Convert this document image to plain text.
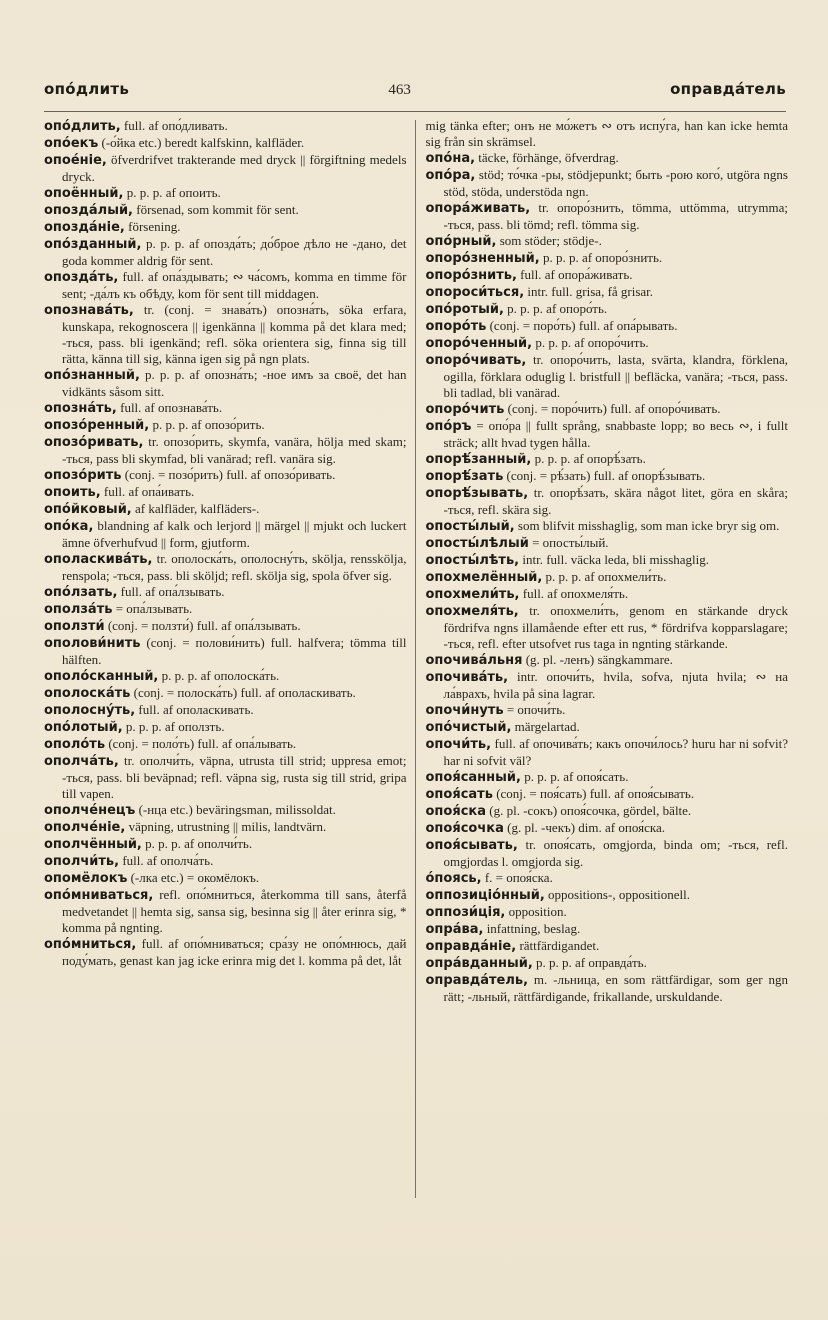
опо́длить	463	оправда́тель

опо́длить, full. af опо́дливать.

опо́екъ (-о́йка etc.) beredt kalfskinn, kalfläder.

опое́ніе, öfverdrifvet trakterande med dryck || förgiftning medels dryck.

опоённый, p. p. p. af опоить.

опозда́лый, försenad, som kommit för sent.

опозда́ніе, försening.

опо́зданный, p. p. p. af опозда́ть; до́брое дѣло не -дано, det goda kommer aldrig för sent.

опозда́ть, full. af опа́здывать; ∾ ча́сомъ, komma en timme för sent; -да́лъ къ обѣду, kom för sent till middagen.

опознава́ть, tr. (conj. = знава́ть) опозна́ть, söka erfara, kunskapa, rekognoscera || igenkänna || komma på det klara med; -ться, pass. bli igenkänd; refl. söka orientera sig, finna sig till rätta, känna till sig, känna igen sig på ngn plats.

опо́знанный, p. p. p. af опозна́ть; -ное имъ за своё, det han vidkänts såsom sitt.

опозна́ть, full. af опознава́ть.

опозо́ренный, p. p. p. af опозо́рить.

опозо́ривать, tr. опозо́рить, skymfa, vanära, hölja med skam; -ться, pass bli skymfad, bli vanärad; refl. vanära sig.

опозо́рить (conj. = позо́рить) full. af опозо́ривать.

опоить, full. af опа́ивать.

опо́йковый, af kalfläder, kalfläders-.

опо́ка, blandning af kalk och lerjord || märgel || mjukt och luckert ämne öfverhufvud || form, gjutform.

ополаскива́ть, tr. ополоска́ть, ополосну́ть, skölja, rensskölja, renspola; -ться, pass. bli sköljd; refl. skölja sig, spola öfver sig.

опо́лзать, full. af опа́лзывать.

ополза́ть = опа́лзывать.

оползти́ (conj. = ползти́) full. af опа́лзывать.

ополови́нить (conj. = полови́нить) full. halfvera; tömma till hälften.

ополо́сканный, p. p. p. af ополоска́ть.

ополоска́ть (conj. = полоска́ть) full. af ополаскивать.

ополосну́ть, full. af ополаскивать.

опо́лотый, p. p. p. af оползть.

ополо́ть (conj. = поло́ть) full. af опа́лывать.

ополча́ть, tr. ополчи́ть, väpna, utrusta till strid; uppresa emot; -ться, pass. bli beväpnad; refl. väpna sig, rusta sig till strid, gripa till vapen.

ополче́нецъ (-нца etc.) beväringsman, milissoldat.

ополче́ніе, väpning, utrustning || milis, landtvärn.

ополчённый, p. p. p. af ополчи́ть.

ополчи́ть, full. af ополча́ть.

опомёлокъ (-лка etc.) = окомёлокъ.

опо́мниваться, refl. опо́мниться, återkomma till sans, återfå medvetandet || hemta sig, sansa sig, besinna sig || åter erinra sig, * komma på ngnting.

опо́мниться, full. af опо́мниваться; сра́зу не опо́мнюсь, дай поду́мать, genast kan jag icke erinra mig det l. komma på det, låt

mig tänka efter; онъ не мо́жетъ ∾ отъ испу́га, han kan icke hemta sig från sin skrämsel.

опо́на, täcke, förhänge, öfverdrag.

опо́ра, stöd; то́чка -ры, stödjepunkt; быть -рою кого́, utgöra ngns stöd, stöda, understöda ngn.

опора́живать, tr. опоро́знить, tömma, uttömma, utrymma; -ться, pass. bli tömd; refl. tömma sig.

опо́рный, som stöder; stödje-.

опоро́зненный, p. p. p. af опоро́знить.

опоро́знить, full. af опора́живать.

опороси́ться, intr. full. grisa, få grisar.

опо́ротый, p. p. p. af опоро́ть.

опоро́ть (conj. = поро́ть) full. af опа́рывать.

опоро́ченный, p. p. p. af опоро́чить.

опоро́чивать, tr. опоро́чить, lasta, svärta, klandra, förklena, ogilla, förklara oduglig l. bristfull || befläcka, vanära; -ться, pass. bli tadlad, bli vanärad.

опоро́чить (conj. = поро́чить) full. af опоро́чивать.

опо́ръ = опо́ра || fullt språng, snabbaste lopp; во весь ∾, i fullt sträck; allt hvad tygen hålla.

опорѣ́занный, p. p. p. af опорѣ́зать.

опорѣ́зать (conj. = рѣ́зать) full. af опорѣ́зывать.

опорѣ́зывать, tr. опорѣ́зать, skära något litet, göra en skåra; -ться, refl. skära sig.

опосты́лый, som blifvit misshaglig, som man icke bryr sig om.

опосты́лѣлый = опосты́лый.

опосты́лѣть, intr. full. väcka leda, bli misshaglig.

опохмелённый, p. p. p. af опохмели́ть.

опохмели́ть, full. af опохмеля́ть.

опохмеля́ть, tr. опохмели́ть, genom en stärkande dryck fördrifva ngns illamående efter ett rus, * fördrifva kopparslagare; -ться, refl. efter utsofvet rus taga in ngnting stärkande.

опочива́льня (g. pl. -ленъ) sängkammare.

опочива́ть, intr. опочи́ть, hvila, sofva, njuta hvila; ∾ на ла́врахъ, hvila på sina lagrar.

опочи́нуть = опочи́ть.

опо́чистый, märgelartad.

опочи́ть, full. af опочива́ть; какъ опочи́лось? huru har ni sofvit? har ni sofvit väl?

опоя́санный, p. p. p. af опоя́сать.

опоя́сать (conj. = поя́сать) full. af опоя́сывать.

опоя́ска (g. pl. -сокъ) опоя́сочка, gördel, bälte.

опоя́сочка (g. pl. -чекъ) dim. af опоя́ска.

опоя́сывать, tr. опоя́сать, omgjorda, binda om; -ться, refl. omgjordas l. omgjorda sig.

о́поясь, f. = опоя́ска.

оппозиціо́нный, oppositions-, oppositionell.

оппози́ція, opposition.

опра́ва, infattning, beslag.

оправда́ніе, rättfärdigandet.

опра́вданный, p. p. p. af оправда́ть.

оправда́тель, m. -льница, en som rättfärdigar, som ger ngn rätt; -льный, rättfärdigande, frikallande, urskuldande.
